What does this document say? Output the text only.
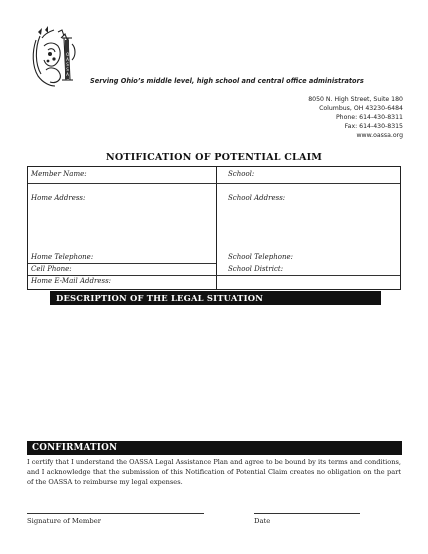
O
A
S
S
A
Serving Ohio’s middle level, high school and central office administrators
8050 N. High Street, Suite 180
Columbus, OH 43230-6484
Phone: 614-430-8311
Fax: 614-430-8315
www.oassa.org
NOTIFICATION OF POTENTIAL CLAIM
Member Name:	School:
Home Address:	School Address:
Home Telephone:	School Telephone:
Cell Phone:	School District:
Home E-Mail Address:
DESCRIPTION OF THE LEGAL SITUATION
CONFIRMATION
I certify that I understand the OASSA Legal Assistance Plan and agree to be bound by its terms and conditions, and I acknowledge that the submission of this Notification of Potential Claim creates no obligation on the part of the OASSA to reimburse my legal expenses.
Signature of Member	Date
